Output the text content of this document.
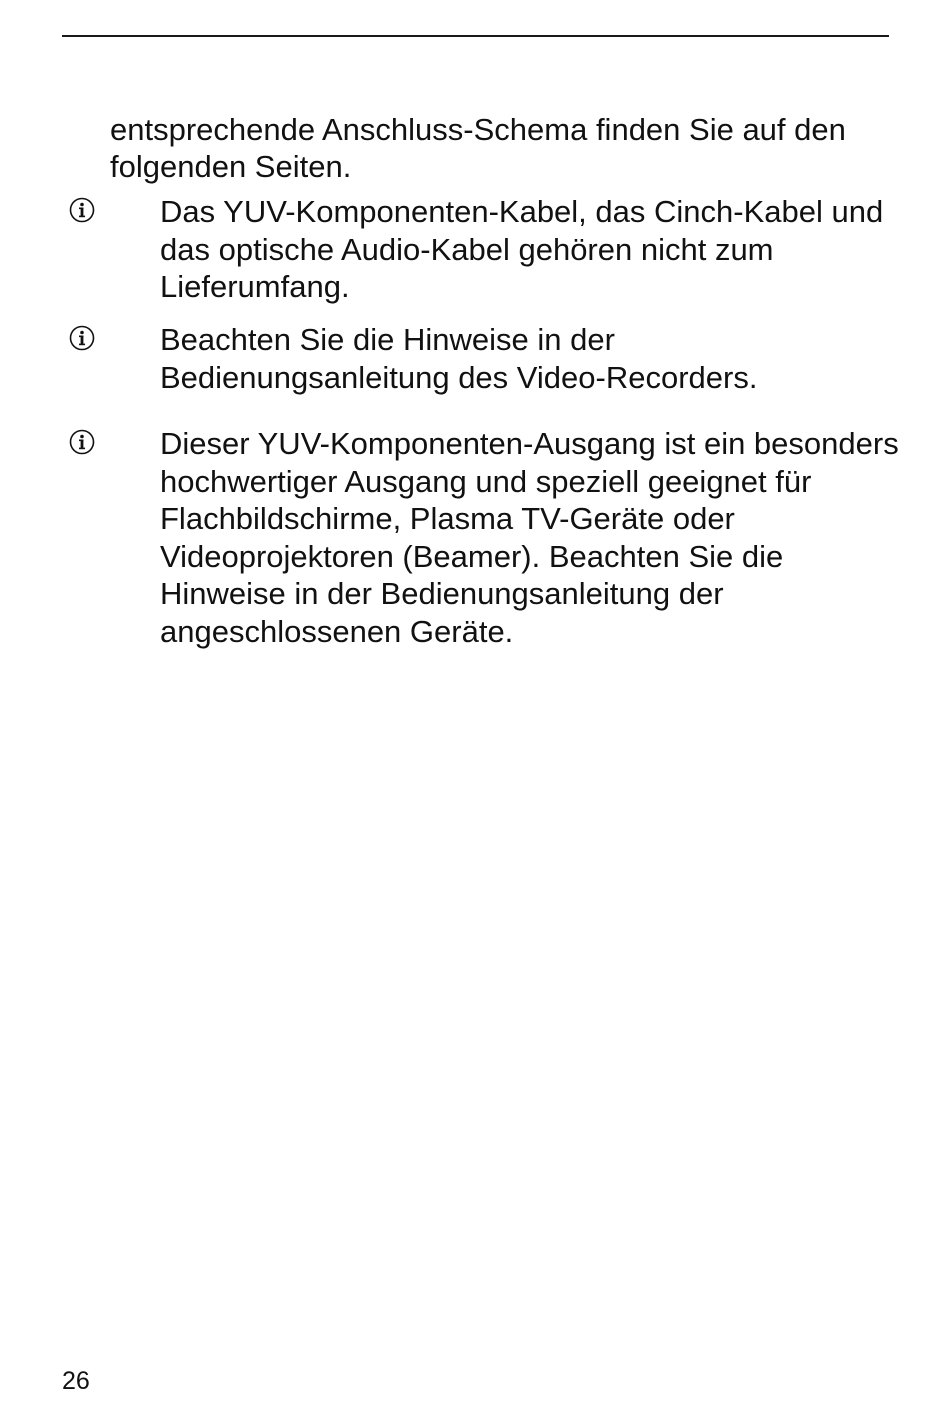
entsprechende Anschluss-Schema finden Sie auf den folgenden Seiten.

Das YUV-Komponenten-Kabel, das Cinch-Kabel und das optische Audio-Kabel gehören nicht zum Lieferumfang.

Beachten Sie die Hinweise in der Bedienungsanleitung des Video-Recorders.

Dieser YUV-Komponenten-Ausgang ist ein besonders hochwertiger Ausgang und speziell geeignet für Flachbildschirme, Plasma TV-Geräte oder Videoprojektoren (Beamer). Beachten Sie die Hinweise in der Bedienungsanleitung der angeschlossenen Geräte.

26
